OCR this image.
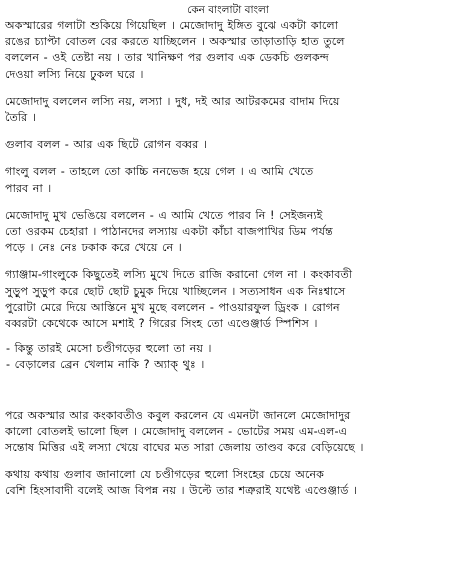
কেন বাংলাটা বাংলা

অকস্মারের গলাটা শুকিয়ে গিয়েছিল । মেজোদাদু ইঙ্গিত বুঝে একটা কালো
রঙের চ্যাপ্টা বোতল বের করতে যাচ্ছিলেন । অকস্মার তাড়াতাড়ি হাত তুলে
বললেন - ওই তেষ্টা নয় । তার খানিক্ষণ পর গুলাব এক ডেকচি গুলকন্দ
দেওয়া লস্যি নিয়ে ঢুকল ঘরে ।

মেজোদাদু বললেন লস্যি নয়, লস্যা । দুধ, দই আর আটরকমের বাদাম দিয়ে
তৈরি ।

গুলাব বলল - আর এক ছিটে রোগন বব্বর ।

গাংলু বলল - তাহলে তো কাচ্চি ননভেজ হয়ে গেল । এ আমি খেতে
পারব না ।

মেজোদাদু মুখ ভেঙিয়ে বললেন - এ আমি খেতে পারব নি ! সেইজন্যই
তো ওরকম চেহারা । পাঠানদের লস্যায় একটা কাঁচা বাজপাখির ডিম পর্যন্ত
পড়ে । নেঃ নেঃ ঢকাক করে খেয়ে নে ।

গ্যাঞ্জাম-গাংলুকে কিছুতেই লস্যি মুখে দিতে রাজি করানো গেল না । কংকাবতী
সুড়ুপ সুড়ুপ করে ছোট ছোট চুমুক দিয়ে খাচ্ছিলেন । সত্যসাধন এক নিঃশ্বাসে
পুরোটা মেরে দিয়ে আস্তিনে মুখ মুছে বললেন - পাওয়ারফুল ড্রিংক । রোগন
বব্বরটা কেথেকে আসে মশাই ? গিরের সিংহ তো এণ্ডেঞ্জার্ড স্পিশিস ।

- কিন্তু তারই মেসো চণ্ডীগড়ের হুলো তা নয় ।
- বেড়ালের ব্রেন খেলাম নাকি ? অ্যাক্ থুঃ ।

পরে অকস্মার আর কংকাবতীও কবুল করলেন যে এমনটা জানলে মেজোদাদুর
কালো বোতলই ভালো ছিল । মেজোদাদু বললেন - ভোটের সময় এম-এল-এ
সন্তোষ মিত্তির এই লস্যা খেয়ে বাঘের মত সারা জেলায় তাণ্ডব করে বেড়িয়েছে ।

কথায় কথায় গুলাব জানালো যে চণ্ডীগড়ের হুলো সিংহের চেয়ে অনেক
বেশি হিংসাবাদী বলেই আজ বিপন্ন নয় । উল্টে তার শত্রুরাই যথেষ্ট এণ্ডেঞ্জার্ড ।
